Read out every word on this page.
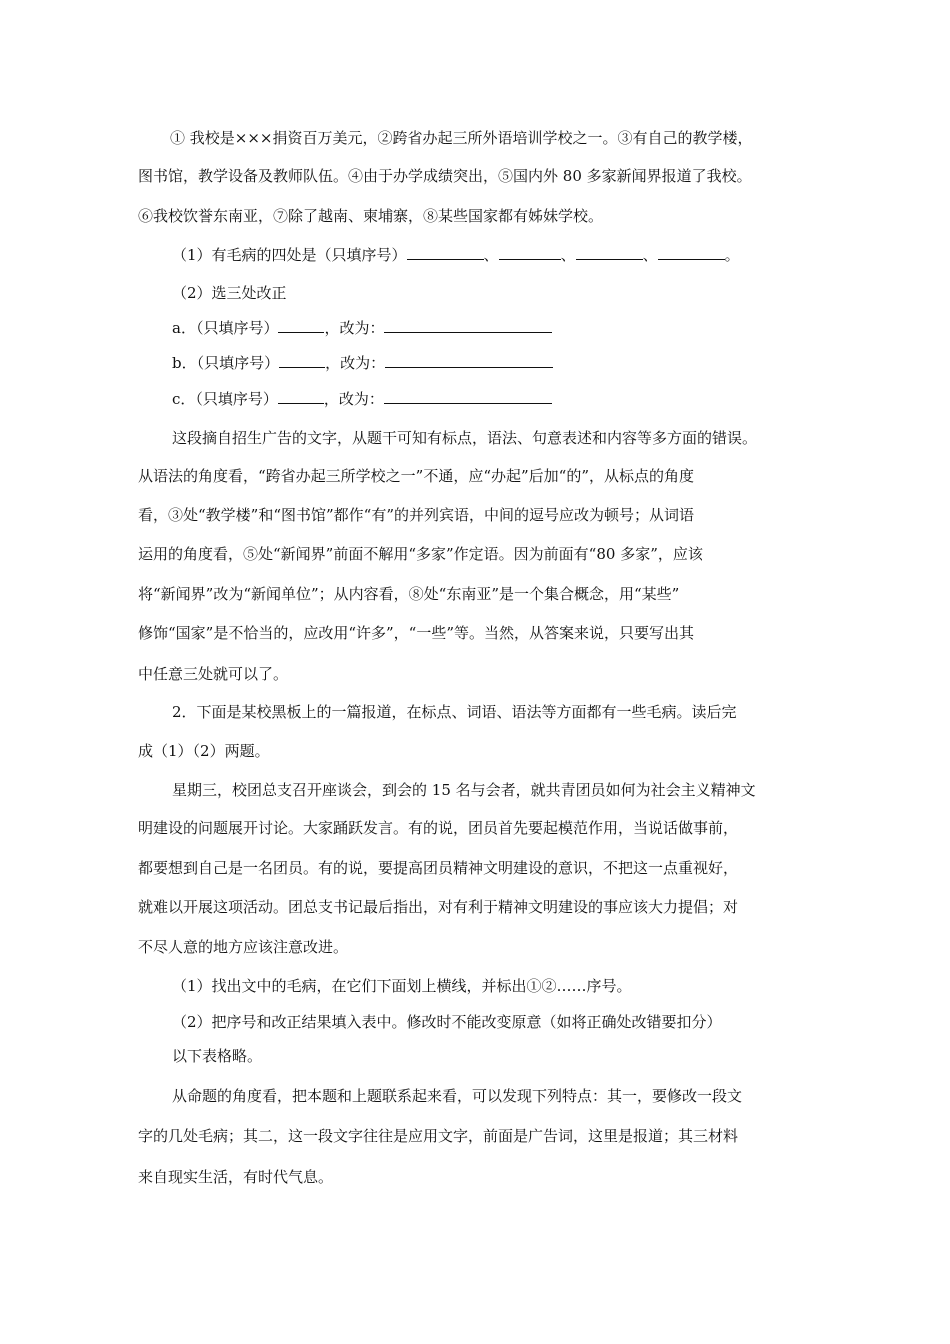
① 我校是×××捐资百万美元，②跨省办起三所外语培训学校之一。③有自己的教学楼，
图书馆，教学设备及教师队伍。④由于办学成绩突出，⑤国内外 80 多家新闻界报道了我校。
⑥我校饮誉东南亚，⑦除了越南、柬埔寨，⑧某些国家都有姊妹学校。
（1）有毛病的四处是（只填序号）	、	、	、	。
（2）选三处改正
a．（只填序号）	，改为：
b．（只填序号）	，改为：
c．（只填序号）	，改为：
这段摘自招生广告的文字，从题干可知有标点，语法、句意表述和内容等多方面的错误。
从语法的角度看，“跨省办起三所学校之一”不通，应“办起”后加“的”，从标点的角度
看，③处“教学楼”和“图书馆”都作“有”的并列宾语，中间的逗号应改为顿号；从词语
运用的角度看，⑤处“新闻界”前面不解用“多家”作定语。因为前面有“80 多家”，应该
将“新闻界”改为“新闻单位”；从内容看，⑧处“东南亚”是一个集合概念，用“某些”
修饰“国家”是不恰当的，应改用“许多”，“一些”等。当然，从答案来说，只要写出其
中任意三处就可以了。
2．下面是某校黑板上的一篇报道，在标点、词语、语法等方面都有一些毛病。读后完
成（1）（2）两题。
星期三，校团总支召开座谈会，到会的 15 名与会者，就共青团员如何为社会主义精神文
明建设的问题展开讨论。大家踊跃发言。有的说，团员首先要起模范作用，当说话做事前，
都要想到自己是一名团员。有的说，要提高团员精神文明建设的意识，不把这一点重视好，
就难以开展这项活动。团总支书记最后指出，对有利于精神文明建设的事应该大力提倡；对
不尽人意的地方应该注意改进。
（1）找出文中的毛病，在它们下面划上横线，并标出①②……序号。
（2）把序号和改正结果填入表中。修改时不能改变原意（如将正确处改错要扣分）
以下表格略。
从命题的角度看，把本题和上题联系起来看，可以发现下列特点：其一，要修改一段文
字的几处毛病；其二，这一段文字往往是应用文字，前面是广告词，这里是报道；其三材料
来自现实生活，有时代气息。
